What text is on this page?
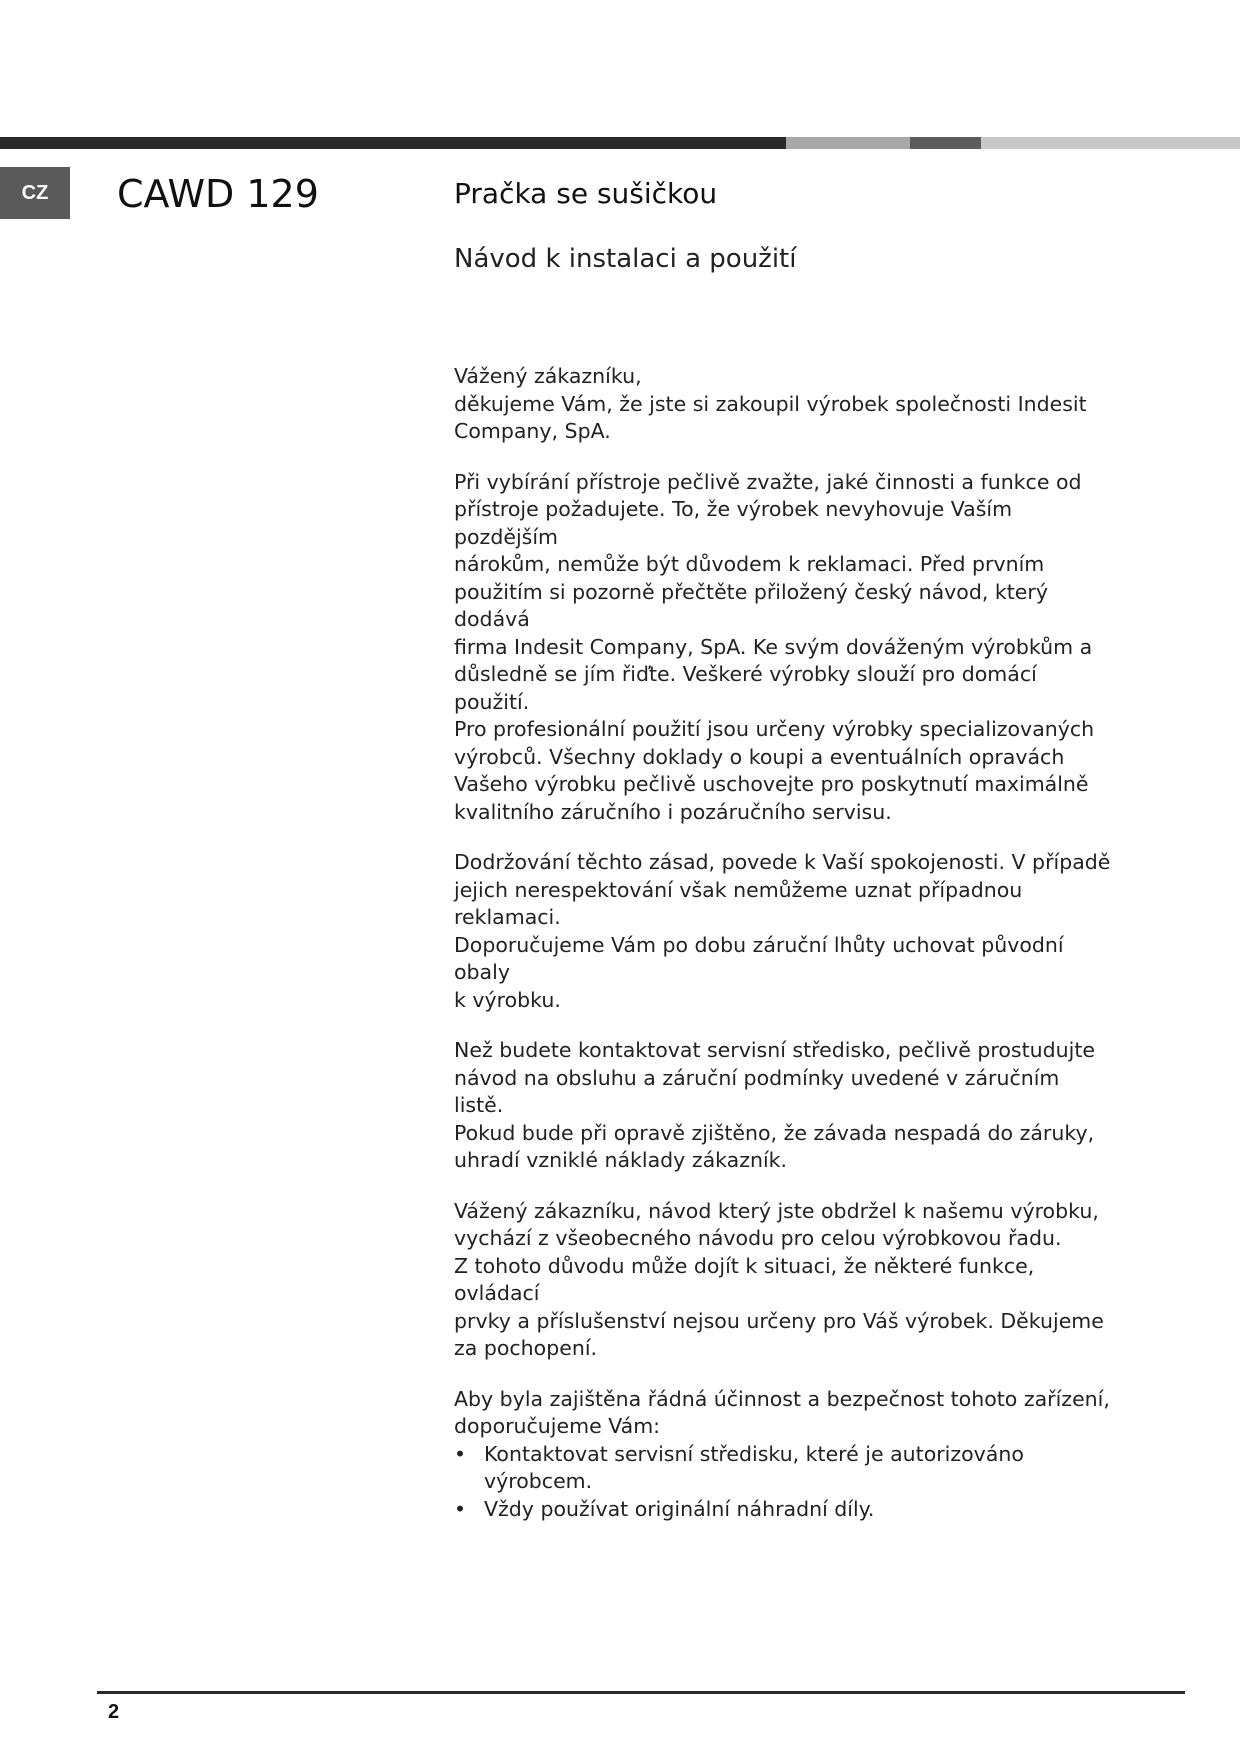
CZ	CAWD 129	Pračka se sušičkou
Návod k instalaci a použití

Vážený zákazníku,
děkujeme Vám, že jste si zakoupil výrobek společnosti Indesit
Company, SpA.

Při vybírání přístroje pečlivě zvažte, jaké činnosti a funkce od
přístroje požadujete. To, že výrobek nevyhovuje Vaším pozdějším
nárokům, nemůže být důvodem k reklamaci. Před prvním
použitím si pozorně přečtěte přiložený český návod, který dodává
firma Indesit Company, SpA. Ke svým dováženým výrobkům a
důsledně se jím řiďte. Veškeré výrobky slouží pro domácí použití.
Pro profesionální použití jsou určeny výrobky specializovaných
výrobců. Všechny doklady o koupi a eventuálních opravách
Vašeho výrobku pečlivě uschovejte pro poskytnutí maximálně
kvalitního záručního i pozáručního servisu.

Dodržování těchto zásad, povede k Vaší spokojenosti. V případě
jejich nerespektování však nemůžeme uznat případnou reklamaci.
Doporučujeme Vám po dobu záruční lhůty uchovat původní obaly
k výrobku.

Než budete kontaktovat servisní středisko, pečlivě prostudujte
návod na obsluhu a záruční podmínky uvedené v záručním listě.
Pokud bude při opravě zjištěno, že závada nespadá do záruky,
uhradí vzniklé náklady zákazník.

Vážený zákazníku, návod který jste obdržel k našemu výrobku,
vychází z všeobecného návodu pro celou výrobkovou řadu.
Z tohoto důvodu může dojít k situaci, že některé funkce, ovládací
prvky a příslušenství nejsou určeny pro Váš výrobek. Děkujeme
za pochopení.

Aby byla zajištěna řádná účinnost a bezpečnost tohoto zařízení,
doporučujeme Vám:
• Kontaktovat servisní středisku, které je autorizováno výrobcem.
• Vždy používat originální náhradní díly.
2
